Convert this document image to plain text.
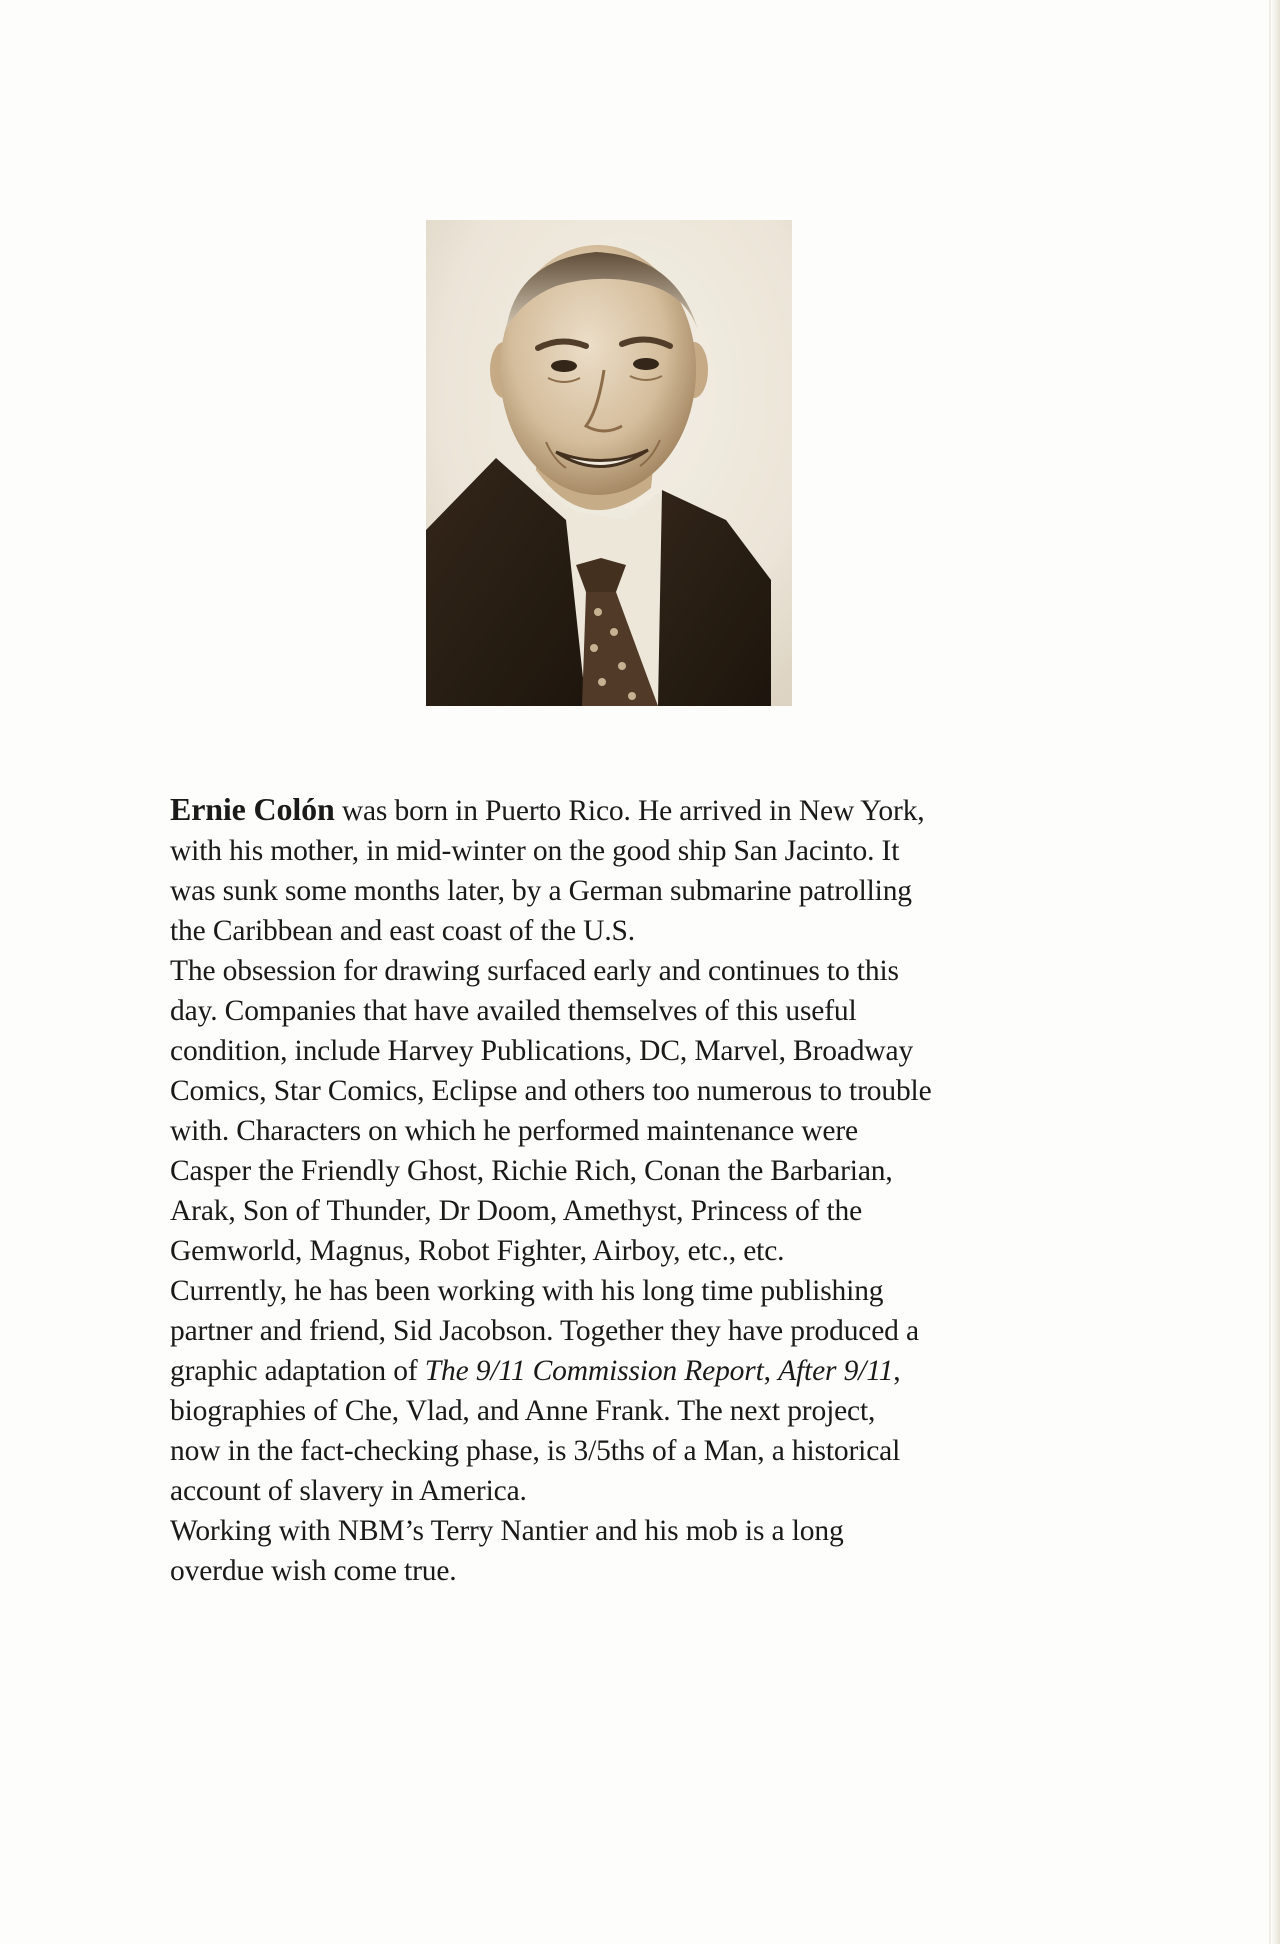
Ernie Colón was born in Puerto Rico. He arrived in New York,

with his mother, in mid-winter on the good ship San Jacinto. It

was sunk some months later, by a German submarine patrolling

the Caribbean and east coast of the U.S.

The obsession for drawing surfaced early and continues to this

day. Companies that have availed themselves of this useful

condition, include Harvey Publications, DC, Marvel, Broadway

Comics, Star Comics, Eclipse and others too numerous to trouble

with. Characters on which he performed maintenance were

Casper the Friendly Ghost, Richie Rich, Conan the Barbarian,

Arak, Son of Thunder, Dr Doom, Amethyst, Princess of the

Gemworld, Magnus, Robot Fighter, Airboy, etc., etc.

Currently, he has been working with his long time publishing

partner and friend, Sid Jacobson. Together they have produced a

graphic adaptation of The 9/11 Commission Report, After 9/11,

biographies of Che, Vlad, and Anne Frank. The next project,

now in the fact-checking phase, is 3/5ths of a Man, a historical

account of slavery in America.

Working with NBM’s Terry Nantier and his mob is a long

overdue wish come true.
